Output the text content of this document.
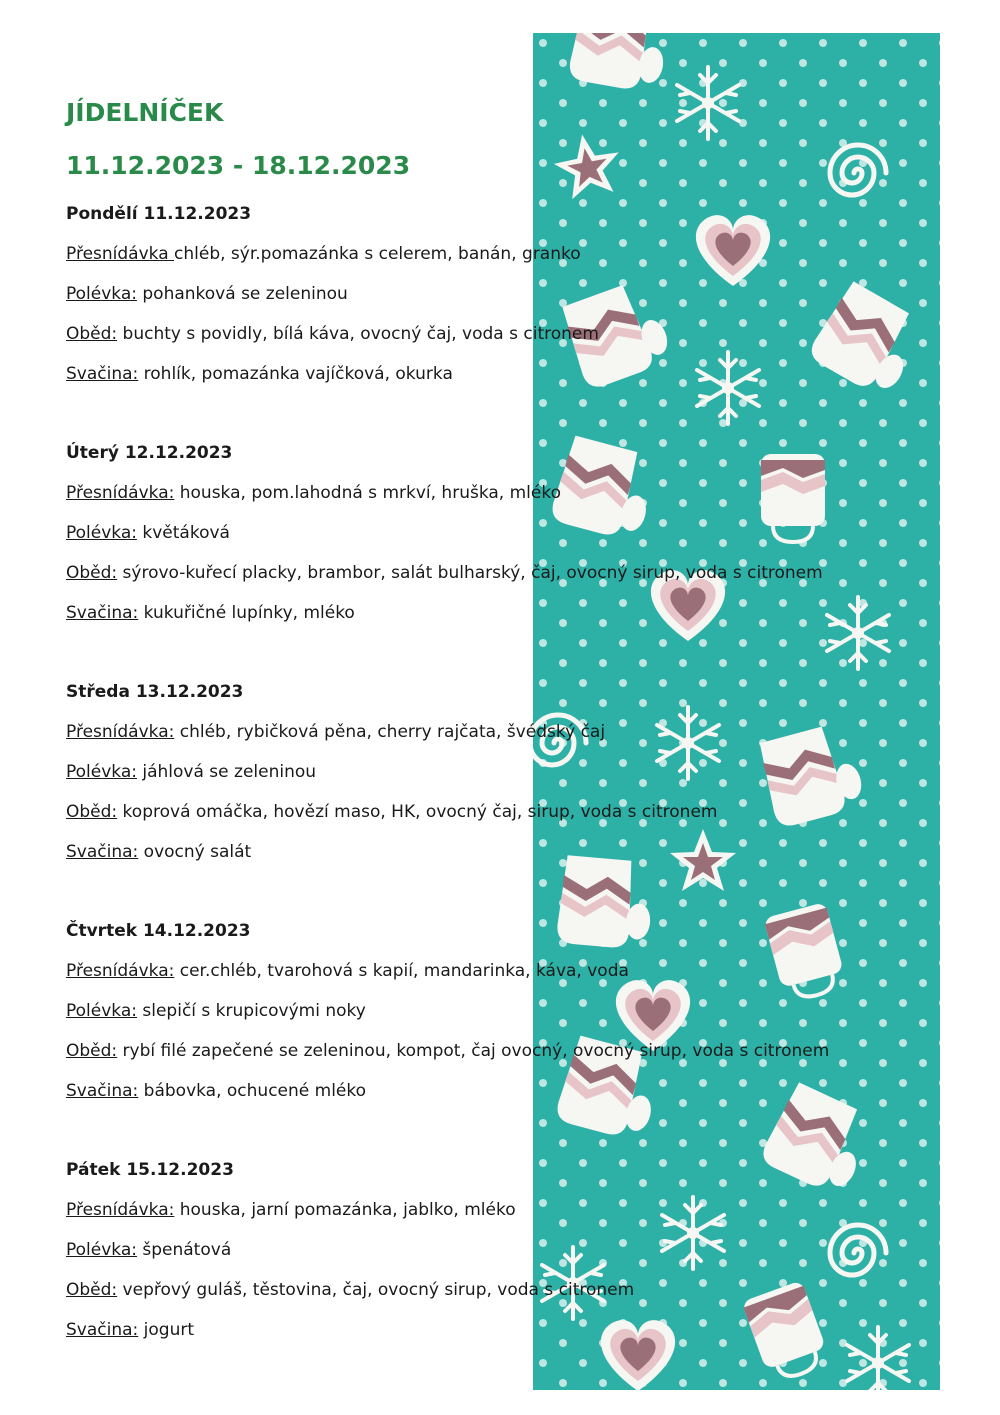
JÍDELNÍČEK
11.12.2023 - 18.12.2023
Pondělí 11.12.2023
Přesnídávka chléb, sýr.pomazánka s celerem, banán, granko
Polévka: pohanková se zeleninou
Oběd: buchty s povidly, bílá káva, ovocný čaj, voda s citronem
Svačina: rohlík, pomazánka vajíčková, okurka
Úterý 12.12.2023
Přesnídávka: houska, pom.lahodná s mrkví, hruška, mléko
Polévka: květáková
Oběd: sýrovo-kuřecí placky, brambor, salát bulharský, čaj, ovocný sirup, voda s citronem
Svačina: kukuřičné lupínky, mléko
Středa 13.12.2023
Přesnídávka: chléb, rybičková pěna, cherry rajčata, švédský čaj
Polévka: jáhlová se zeleninou
Oběd: koprová omáčka, hovězí maso, HK, ovocný čaj, sirup, voda s citronem
Svačina: ovocný salát
Čtvrtek 14.12.2023
Přesnídávka: cer.chléb, tvarohová s kapií, mandarinka, káva, voda
Polévka: slepičí s krupicovými noky
Oběd: rybí filé zapečené se zeleninou, kompot, čaj ovocný, ovocný sirup, voda s citronem
Svačina: bábovka, ochucené mléko
Pátek 15.12.2023
Přesnídávka: houska, jarní pomazánka, jablko, mléko
Polévka: špenátová
Oběd: vepřový guláš, těstovina, čaj, ovocný sirup, voda s citronem
Svačina: jogurt
